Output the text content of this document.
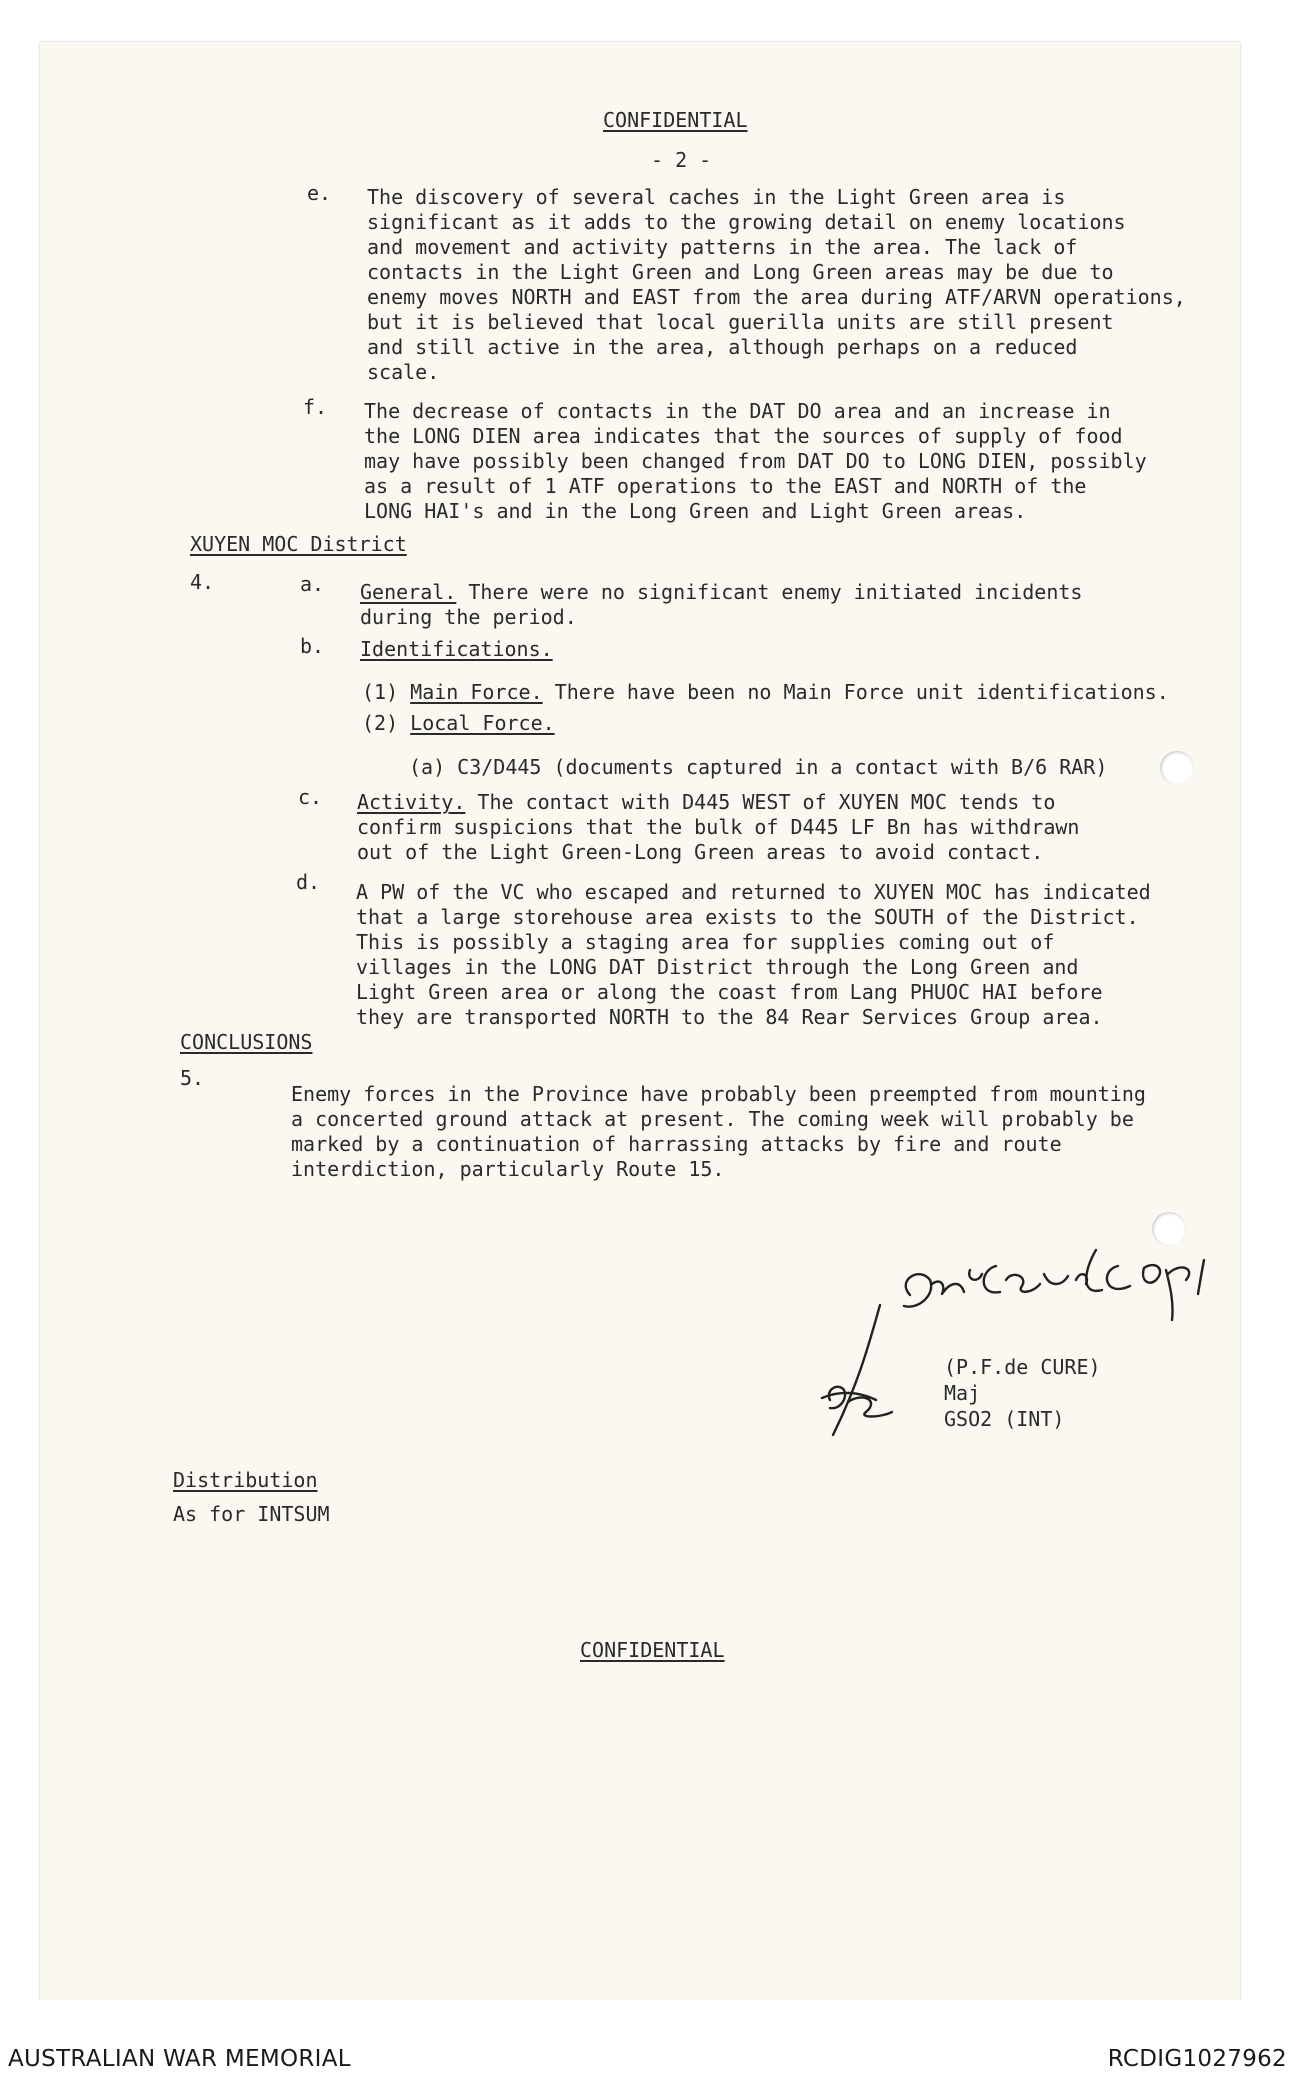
CONFIDENTIAL
- 2 -
e. The discovery of several caches in the Light Green area is
significant as it adds to the growing detail on enemy locations
and movement and activity patterns in the area. The lack of
contacts in the Light Green and Long Green areas may be due to
enemy moves NORTH and EAST from the area during ATF/ARVN operations,
but it is believed that local guerilla units are still present
and still active in the area, although perhaps on a reduced
scale.
f. The decrease of contacts in the DAT DO area and an increase in
the LONG DIEN area indicates that the sources of supply of food
may have possibly been changed from DAT DO to LONG DIEN, possibly
as a result of 1 ATF operations to the EAST and NORTH of the
LONG HAI's and in the Long Green and Light Green areas.
XUYEN MOC District
4.	a. General. There were no significant enemy initiated incidents
during the period.
b. Identifications.
(1) Main Force. There have been no Main Force unit identifications.
(2) Local Force.
(a) C3/D445 (documents captured in a contact with B/6 RAR)
c. Activity. The contact with D445 WEST of XUYEN MOC tends to
confirm suspicions that the bulk of D445 LF Bn has withdrawn
out of the Light Green-Long Green areas to avoid contact.
d. A PW of the VC who escaped and returned to XUYEN MOC has indicated
that a large storehouse area exists to the SOUTH of the District.
This is possibly a staging area for supplies coming out of
villages in the LONG DAT District through the Long Green and
Light Green area or along the coast from Lang PHUOC HAI before
they are transported NORTH to the 84 Rear Services Group area.
CONCLUSIONS
5.
Enemy forces in the Province have probably been preempted from mounting
a concerted ground attack at present. The coming week will probably be
marked by a continuation of harrassing attacks by fire and route
interdiction, particularly Route 15.
(P.F.de CURE)
Maj
GSO2 (INT)
Distribution
As for INTSUM
CONFIDENTIAL
AUSTRALIAN WAR MEMORIAL	RCDIG1027962
